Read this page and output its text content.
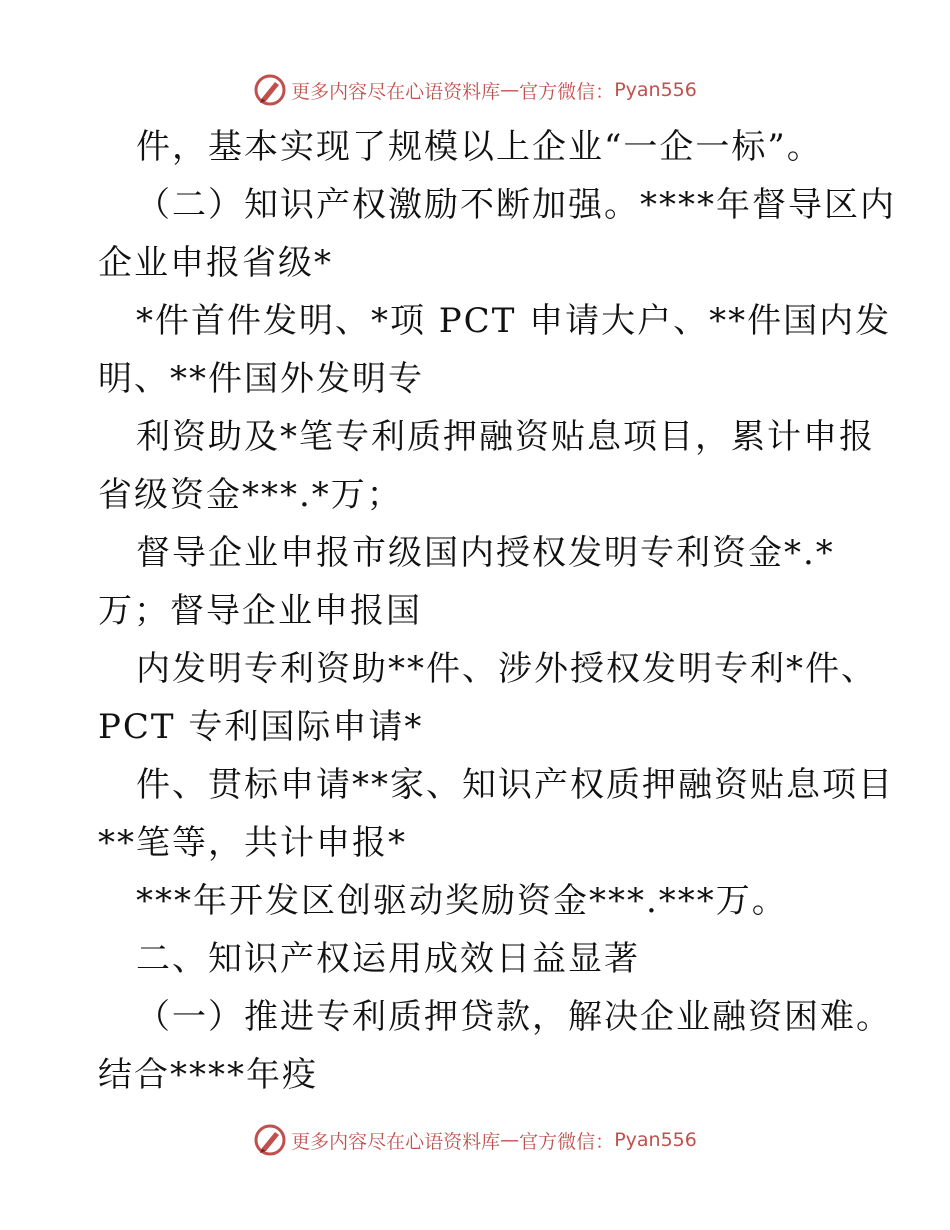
更多内容尽在心语资料库 — 官方微信： Pyan556
件，基本实现了规模以上企业“一企一标”。
（二）知识产权激励不断加强。****年督导区内
企业申报省级*
*件首件发明、*项 PCT 申请大户、**件国内发
明、**件国外发明专
利资助及*笔专利质押融资贴息项目，累计申报
省级资金***.*万；
督导企业申报市级国内授权发明专利资金*.*
万；督导企业申报国
内发明专利资助**件、涉外授权发明专利*件、
PCT 专利国际申请*
件、贯标申请**家、知识产权质押融资贴息项目
**笔等，共计申报*
***年开发区创驱动奖励资金***.***万。
二、知识产权运用成效日益显著
（一）推进专利质押贷款，解决企业融资困难。
结合****年疫
更多内容尽在心语资料库 — 官方微信： Pyan556
